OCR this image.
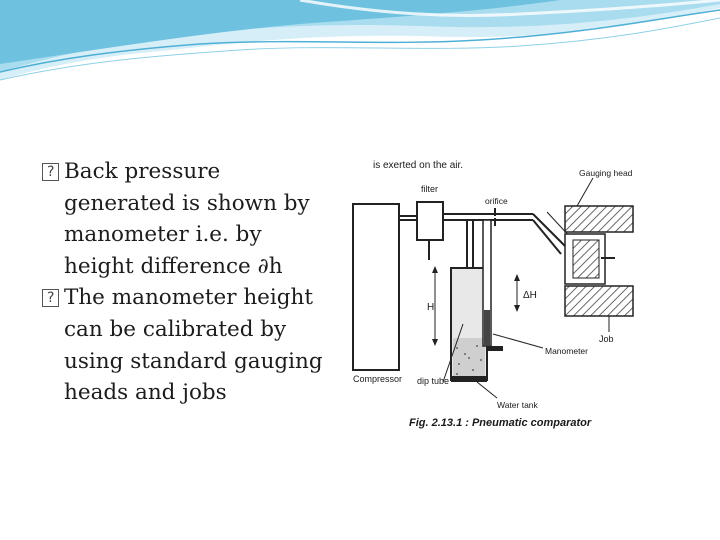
?
Back pressure generated is shown by manometer i.e. by height difference ∂h

?
The manometer height can be calibrated by using standard gauging heads and jobs

Compressor
filter
orifice
H
ΔH
Gauging head
Job
Manometer
dip tube
Water tank
is exerted on the air.
Fig. 2.13.1 : Pneumatic comparator
